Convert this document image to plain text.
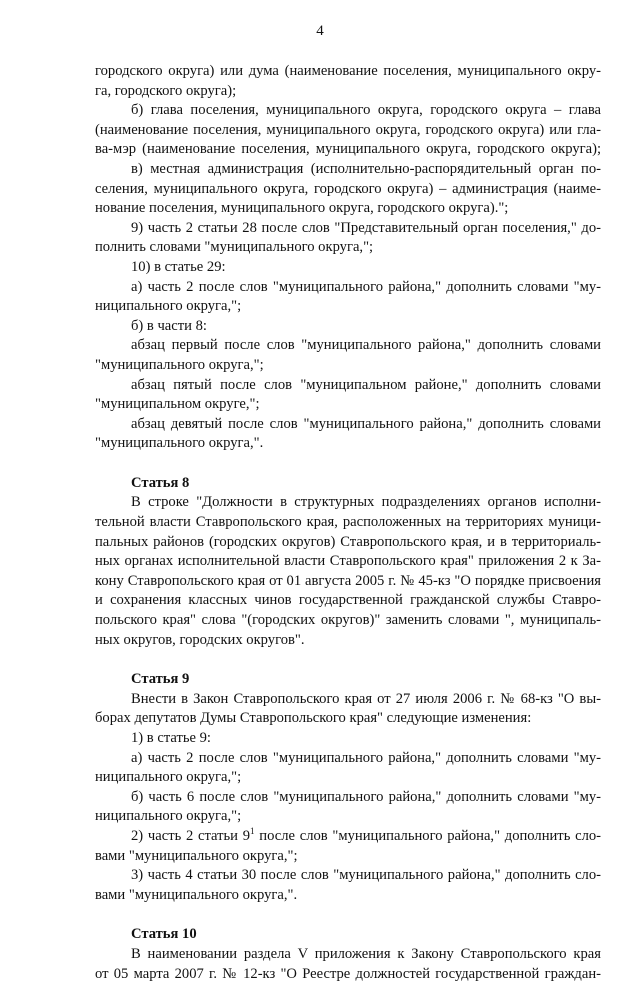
4
городского округа) или дума (наименование поселения, муниципального окру-
га, городского округа);
б) глава поселения, муниципального округа, городского округа – глава
(наименование поселения, муниципального округа, городского округа) или гла-
ва-мэр (наименование поселения, муниципального округа, городского округа);
в) местная администрация (исполнительно-распорядительный орган по-
селения, муниципального округа, городского округа) – администрация (наиме-
нование поселения, муниципального округа, городского округа).";
9) часть 2 статьи 28 после слов "Представительный орган поселения," до-
полнить словами "муниципального округа,";
10) в статье 29:
а) часть 2 после слов "муниципального района," дополнить словами "му-
ниципального округа,";
б) в части 8:
абзац первый после слов "муниципального района," дополнить словами
"муниципального округа,";
абзац пятый после слов "муниципальном районе," дополнить словами
"муниципальном округе,";
абзац девятый после слов "муниципального района," дополнить словами
"муниципального округа,".
Статья 8
В строке "Должности в структурных подразделениях органов исполни-
тельной власти Ставропольского края, расположенных на территориях муници-
пальных районов (городских округов) Ставропольского края, и в территориаль-
ных органах исполнительной власти Ставропольского края" приложения 2 к За-
кону Ставропольского края от 01 августа 2005 г. № 45-кз "О порядке присвоения
и сохранения классных чинов государственной гражданской службы Ставро-
польского края" слова "(городских округов)" заменить словами ", муниципаль-
ных округов, городских округов".
Статья 9
Внести в Закон Ставропольского края от 27 июля 2006 г. № 68-кз "О вы-
борах депутатов Думы Ставропольского края" следующие изменения:
1) в статье 9:
а) часть 2 после слов "муниципального района," дополнить словами "му-
ниципального округа,";
б) часть 6 после слов "муниципального района," дополнить словами "му-
ниципального округа,";
2) часть 2 статьи $9^1$ после слов "муниципального района," дополнить сло-
вами "муниципального округа,";
3) часть 4 статьи 30 после слов "муниципального района," дополнить сло-
вами "муниципального округа,".
Статья 10
В наименовании раздела V приложения к Закону Ставропольского края
от 05 марта 2007 г. № 12-кз "О Реестре должностей государственной граждан-
